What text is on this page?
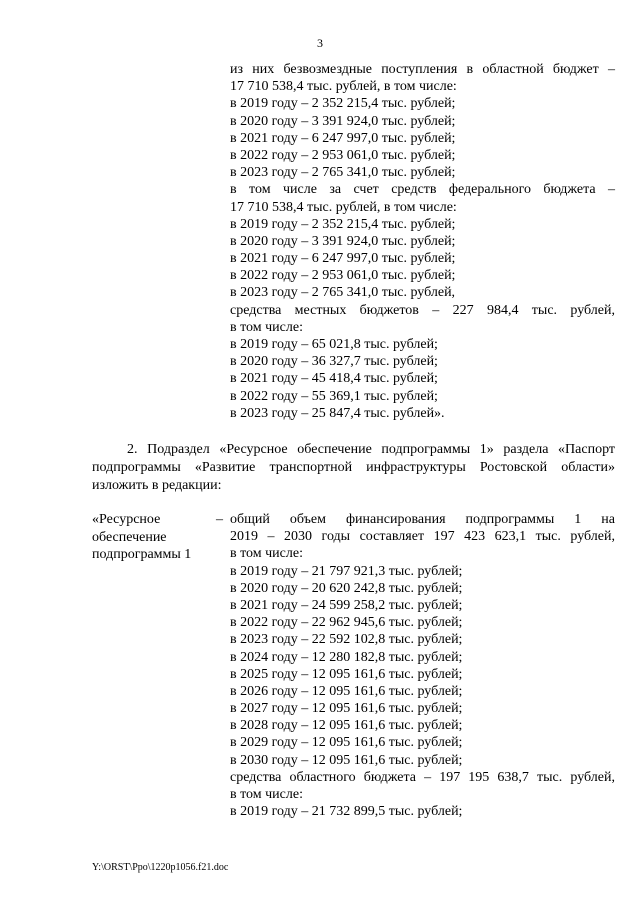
3
из них безвозмездные поступления в областной бюджет –
17 710 538,4 тыс. рублей, в том числе:
в 2019 году – 2 352 215,4 тыс. рублей;
в 2020 году – 3 391 924,0 тыс. рублей;
в 2021 году – 6 247 997,0 тыс. рублей;
в 2022 году – 2 953 061,0 тыс. рублей;
в 2023 году – 2 765 341,0 тыс. рублей;
в том числе за счет средств федерального бюджета –
17 710 538,4 тыс. рублей, в том числе:
в 2019 году – 2 352 215,4 тыс. рублей;
в 2020 году – 3 391 924,0 тыс. рублей;
в 2021 году – 6 247 997,0 тыс. рублей;
в 2022 году – 2 953 061,0 тыс. рублей;
в 2023 году – 2 765 341,0 тыс. рублей,
средства местных бюджетов – 227 984,4 тыс. рублей,
в том числе:
в 2019 году – 65 021,8 тыс. рублей;
в 2020 году – 36 327,7 тыс. рублей;
в 2021 году – 45 418,4 тыс. рублей;
в 2022 году – 55 369,1 тыс. рублей;
в 2023 году – 25 847,4 тыс. рублей».
2. Подраздел «Ресурсное обеспечение подпрограммы 1» раздела «Паспорт
подпрограммы «Развитие транспортной инфраструктуры Ростовской области»
изложить в редакции:
«Ресурсное
обеспечение
подпрограммы 1
– общий объем финансирования подпрограммы 1 на
2019 – 2030 годы составляет 197 423 623,1 тыс. рублей,
в том числе:
в 2019 году – 21 797 921,3 тыс. рублей;
в 2020 году – 20 620 242,8 тыс. рублей;
в 2021 году – 24 599 258,2 тыс. рублей;
в 2022 году – 22 962 945,6 тыс. рублей;
в 2023 году – 22 592 102,8 тыс. рублей;
в 2024 году – 12 280 182,8 тыс. рублей;
в 2025 году – 12 095 161,6 тыс. рублей;
в 2026 году – 12 095 161,6 тыс. рублей;
в 2027 году – 12 095 161,6 тыс. рублей;
в 2028 году – 12 095 161,6 тыс. рублей;
в 2029 году – 12 095 161,6 тыс. рублей;
в 2030 году – 12 095 161,6 тыс. рублей;
средства областного бюджета – 197 195 638,7 тыс. рублей,
в том числе:
в 2019 году – 21 732 899,5 тыс. рублей;
Y:\ORST\Ppo\1220p1056.f21.doc
